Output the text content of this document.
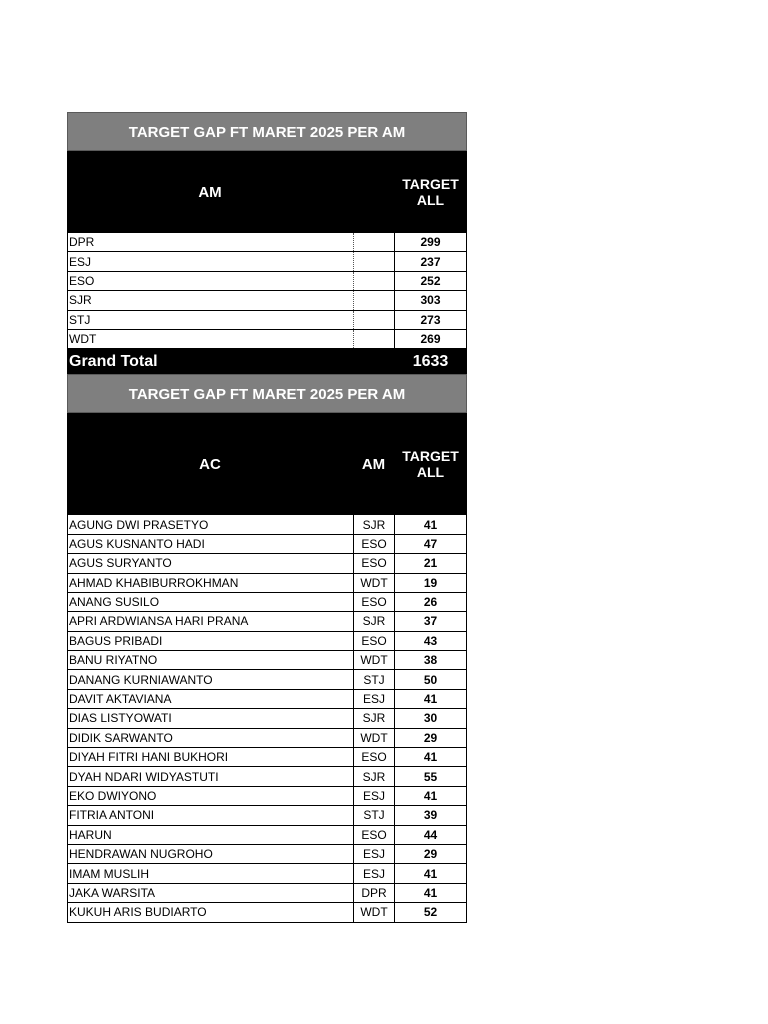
TARGET GAP FT MARET 2025 PER AM
AM	TARGET
ALL
DPR	299
ESJ	237
ESO	252
SJR	303
STJ	273
WDT	269
Grand Total	1633
TARGET GAP FT MARET 2025 PER AM
AC	AM	TARGET
ALL
AGUNG DWI PRASETYO	SJR	41
AGUS KUSNANTO HADI	ESO	47
AGUS SURYANTO	ESO	21
AHMAD KHABIBURROKHMAN	WDT	19
ANANG SUSILO	ESO	26
APRI ARDWIANSA HARI PRANA	SJR	37
BAGUS PRIBADI	ESO	43
BANU RIYATNO	WDT	38
DANANG KURNIAWANTO	STJ	50
DAVIT AKTAVIANA	ESJ	41
DIAS LISTYOWATI	SJR	30
DIDIK SARWANTO	WDT	29
DIYAH FITRI HANI BUKHORI	ESO	41
DYAH NDARI WIDYASTUTI	SJR	55
EKO DWIYONO	ESJ	41
FITRIA ANTONI	STJ	39
HARUN	ESO	44
HENDRAWAN NUGROHO	ESJ	29
IMAM MUSLIH	ESJ	41
JAKA WARSITA	DPR	41
KUKUH ARIS BUDIARTO	WDT	52
